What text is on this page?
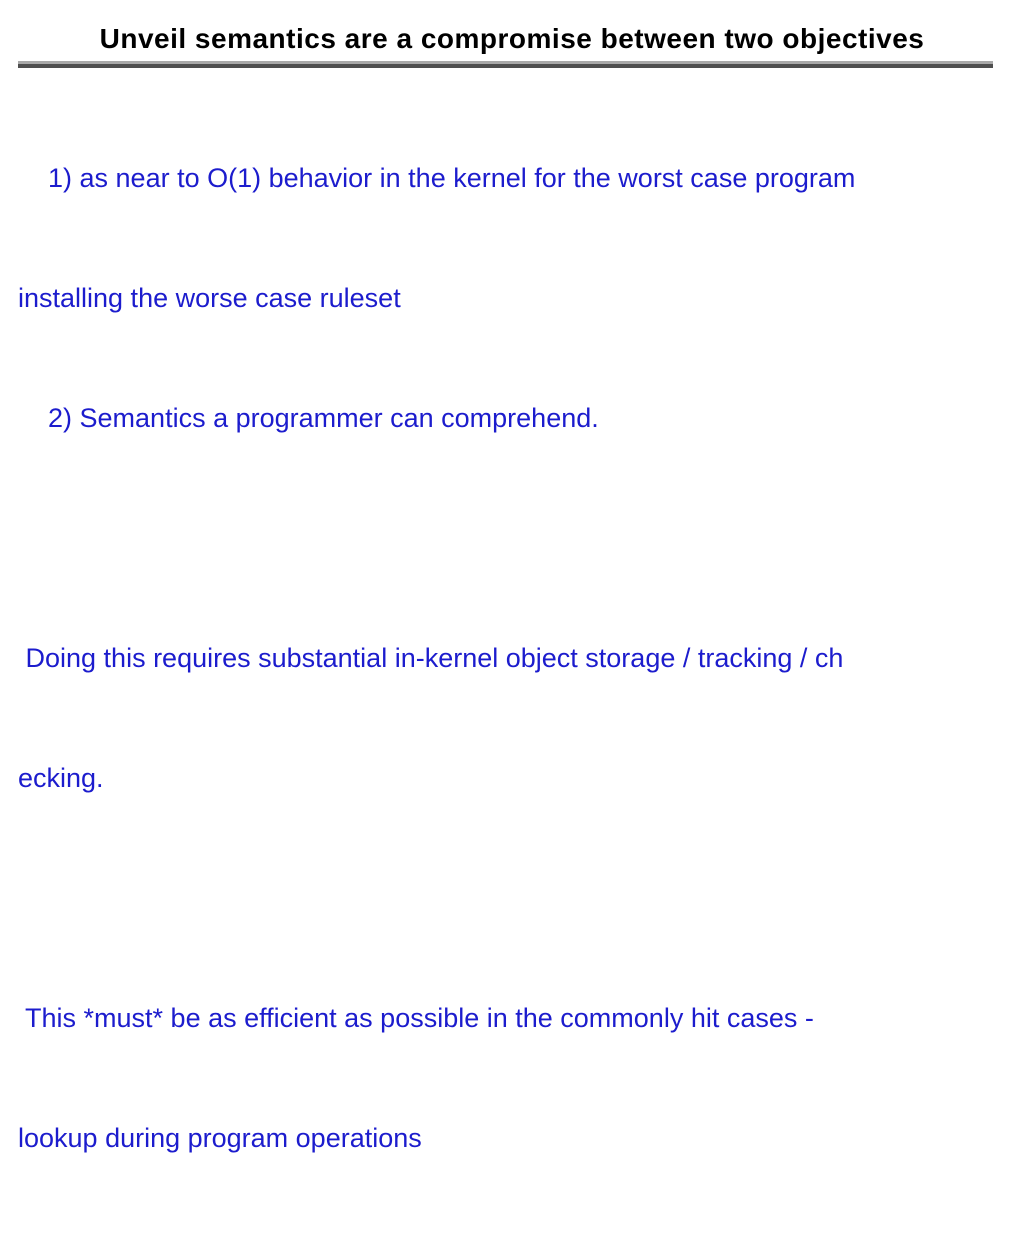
Unveil semantics are a compromise between two objectives

1) as near to O(1) behavior in the kernel for the worst case program

installing the worse case ruleset

2) Semantics a programmer can comprehend.

Doing this requires substantial in-kernel object storage / tracking / ch

ecking.

This *must* be as efficient as possible in the commonly hit cases -

lookup during program operations
